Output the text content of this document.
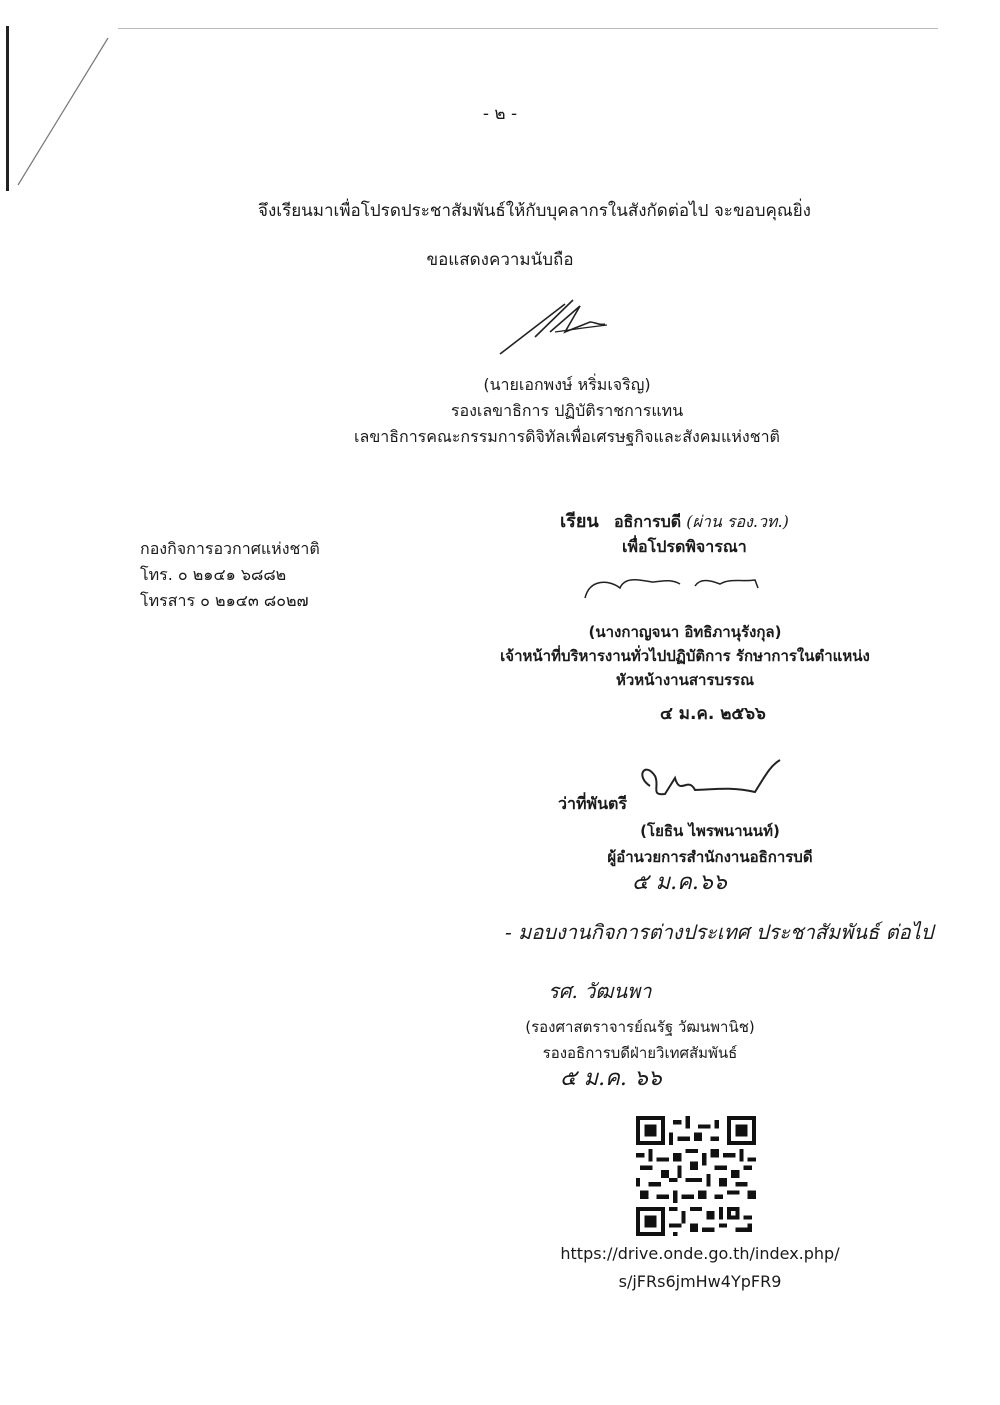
- ๒ -
จึงเรียนมาเพื่อโปรดประชาสัมพันธ์ให้กับบุคลากรในสังกัดต่อไป จะขอบคุณยิ่ง
ขอแสดงความนับถือ
(นายเอกพงษ์ หริ่มเจริญ)
รองเลขาธิการ ปฏิบัติราชการแทน
เลขาธิการคณะกรรมการดิจิทัลเพื่อเศรษฐกิจและสังคมแห่งชาติ
กองกิจการอวกาศแห่งชาติ
โทร. ๐ ๒๑๔๑ ๖๘๘๒
โทรสาร ๐ ๒๑๔๓ ๘๐๒๗
เรียน อธิการบดี (ผ่าน รอง.วท.)
เพื่อโปรดพิจารณา
(นางกาญจนา อิทธิภานุรังกุล)
เจ้าหน้าที่บริหารงานทั่วไปปฏิบัติการ รักษาการในตำแหน่ง
หัวหน้างานสารบรรณ
๔ ม.ค. ๒๕๖๖
ว่าที่พันตรี
(โยธิน ไพรพนานนท์)
ผู้อำนวยการสำนักงานอธิการบดี
๕ ม.ค.๖๖
- มอบงานกิจการต่างประเทศ ประชาสัมพันธ์ ต่อไป
รศ. วัฒนพา
(รองศาสตราจารย์ณรัฐ วัฒนพานิช)
รองอธิการบดีฝ่ายวิเทศสัมพันธ์
๕ ม.ค. ๖๖
https://drive.onde.go.th/index.php/
s/jFRs6jmHw4YpFR9
